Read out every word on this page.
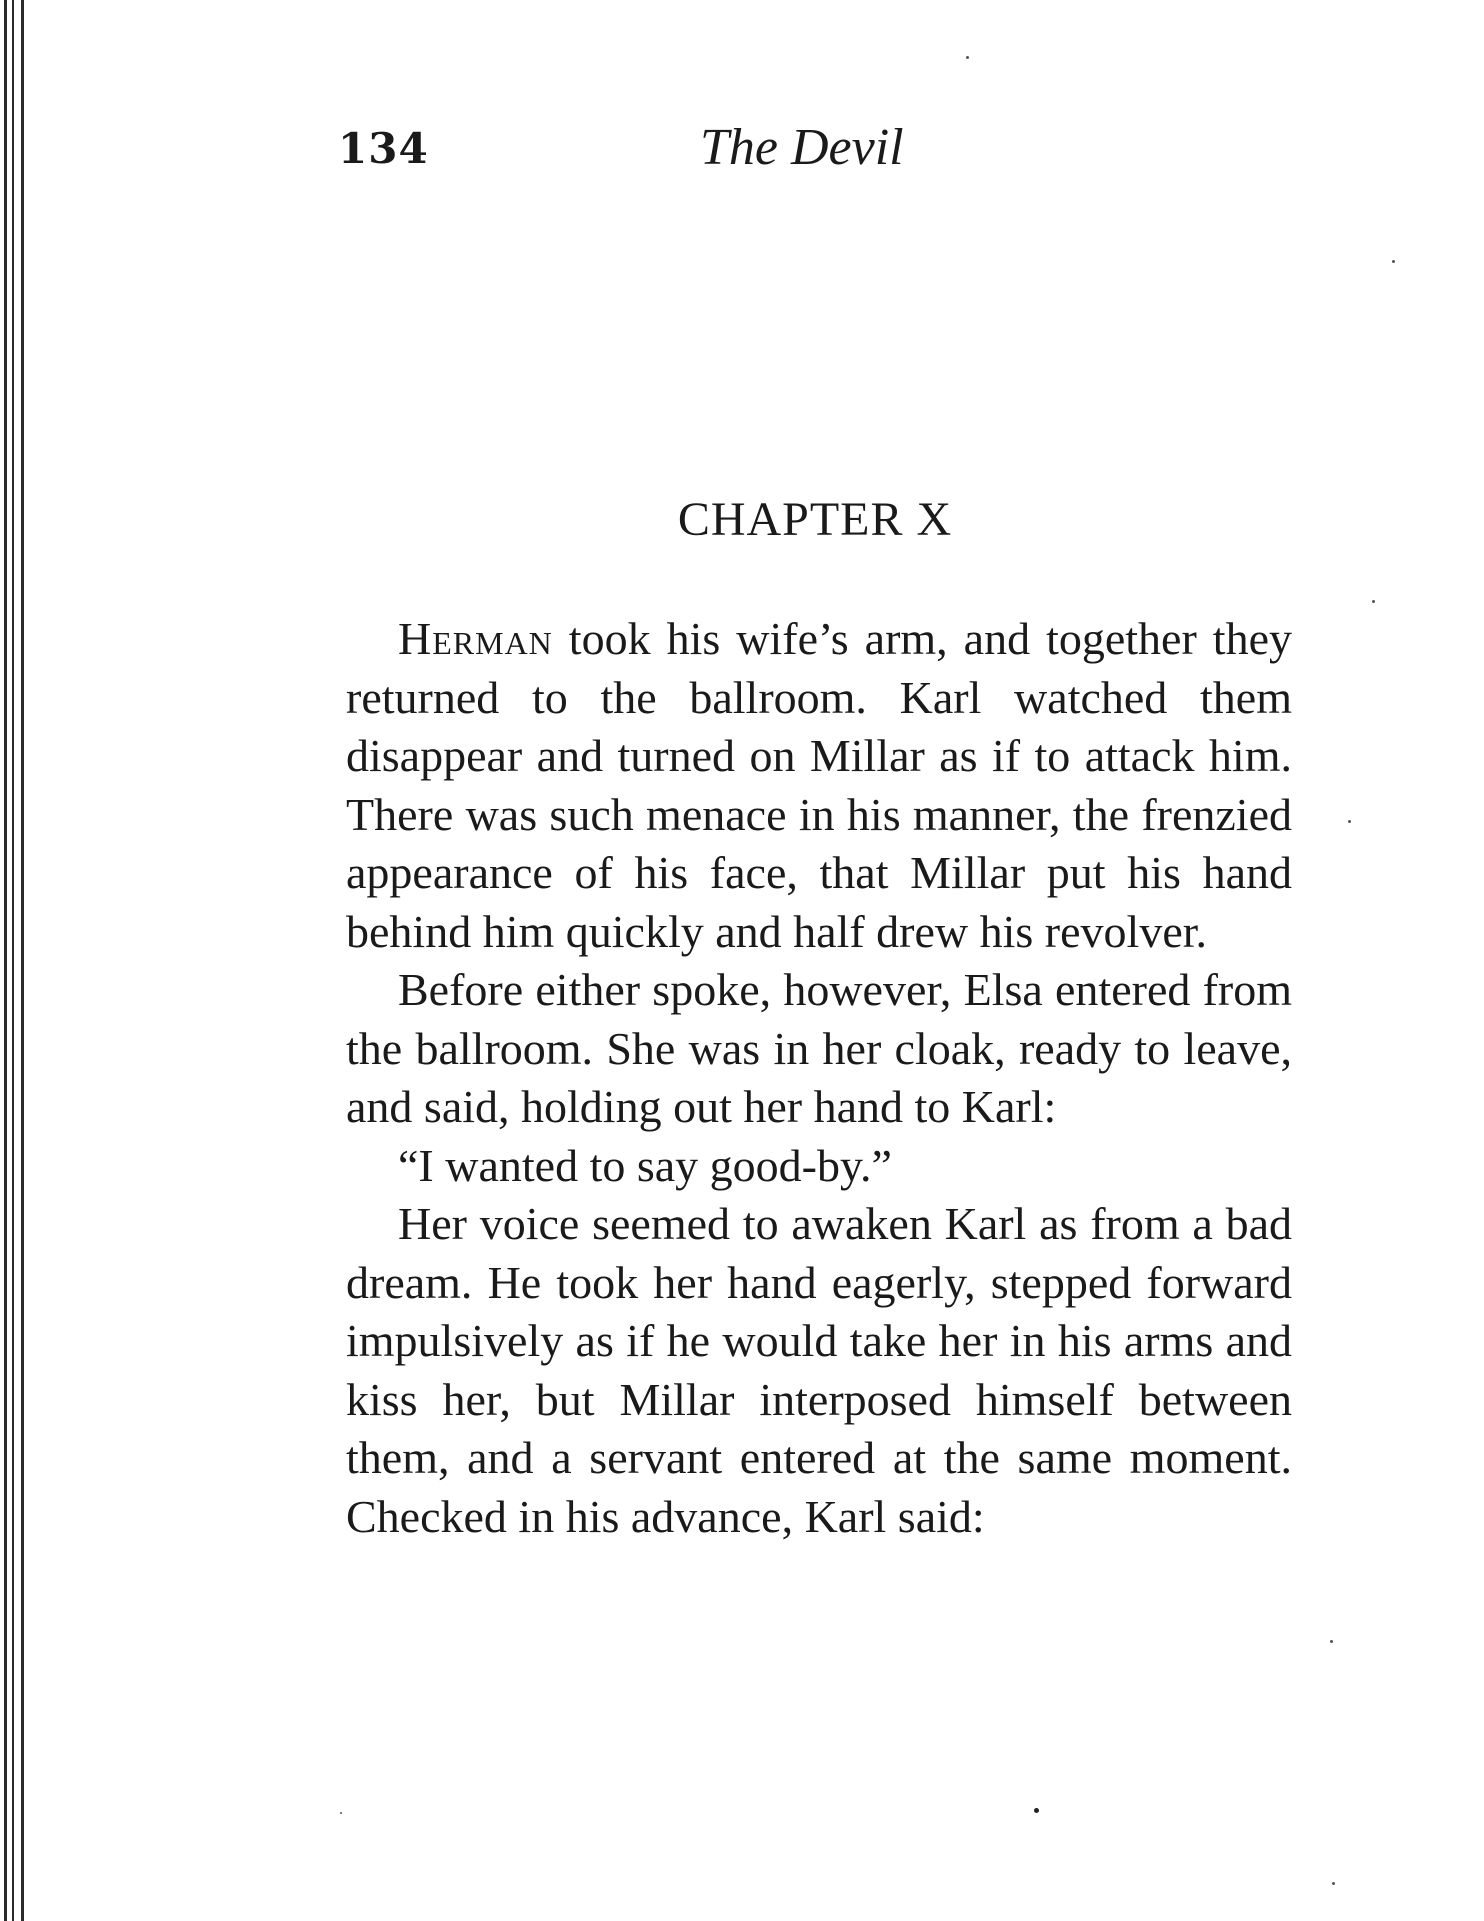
134	The Devil
CHAPTER X

Herman took his wife’s arm, and together they returned to the ballroom. Karl watched them disappear and turned on Millar as if to attack him. There was such menace in his manner, the frenzied appearance of his face, that Millar put his hand behind him quickly and half drew his revolver.

Before either spoke, however, Elsa entered from the ballroom. She was in her cloak, ready to leave, and said, holding out her hand to Karl:

“I wanted to say good-by.”

Her voice seemed to awaken Karl as from a bad dream. He took her hand eagerly, stepped forward impulsively as if he would take her in his arms and kiss her, but Millar interposed himself between them, and a servant entered at the same moment. Checked in his advance, Karl said:
